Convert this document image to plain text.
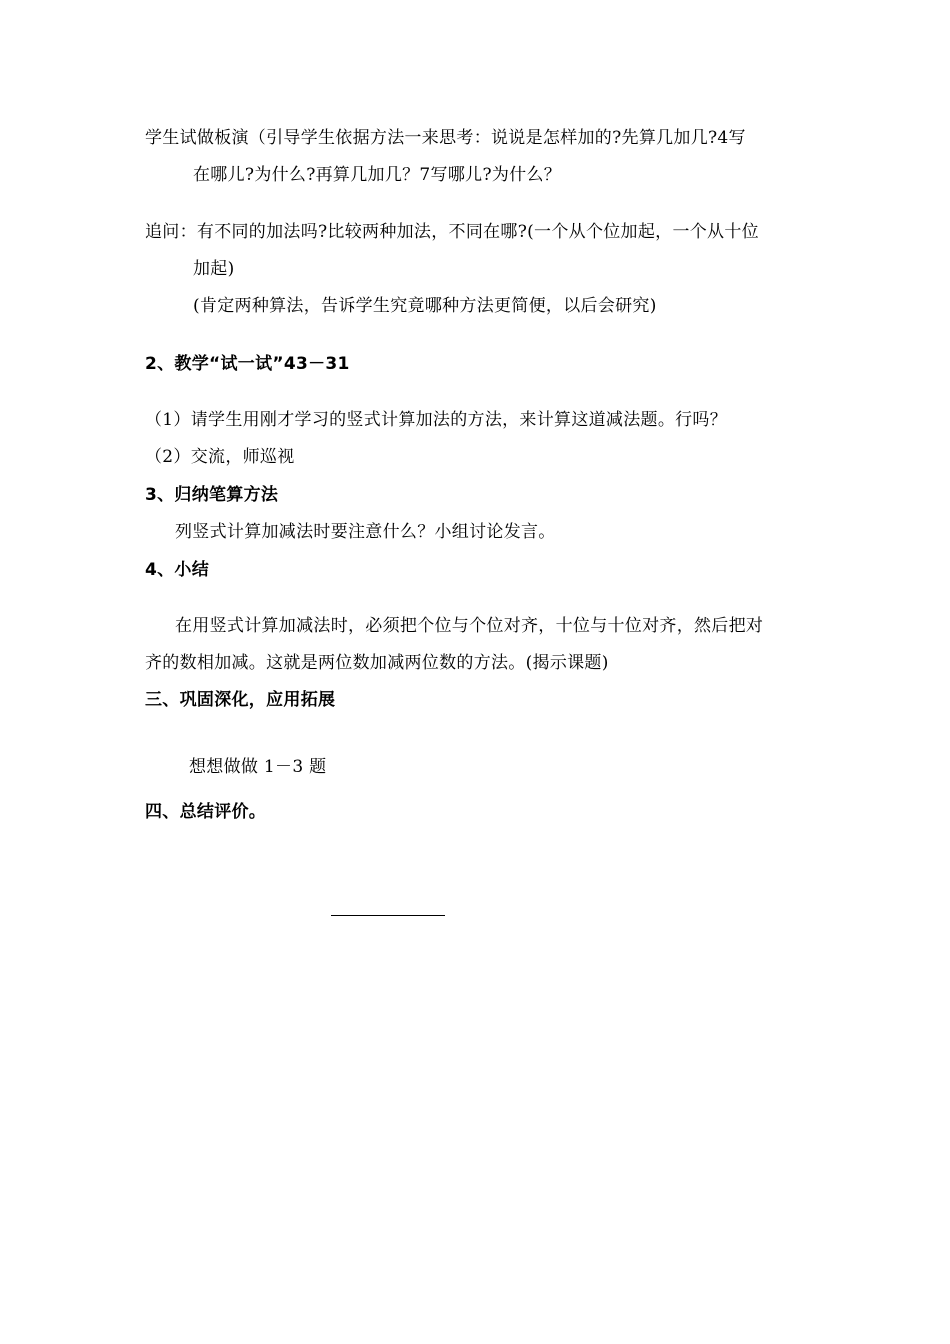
学生试做板演（引导学生依据方法一来思考：说说是怎样加的?先算几加几?4写
在哪儿?为什么?再算几加几？7写哪儿?为什么？
追问：有不同的加法吗?比较两种加法，不同在哪?(一个从个位加起，一个从十位
加起)
(肯定两种算法，告诉学生究竟哪种方法更简便，以后会研究)
2、教学“试一试”43－31
（1）请学生用刚才学习的竖式计算加法的方法，来计算这道减法题。行吗？
（2）交流，师巡视
3、归纳笔算方法
列竖式计算加减法时要注意什么？小组讨论发言。
4、小结
在用竖式计算加减法时，必须把个位与个位对齐，十位与十位对齐，然后把对
齐的数相加减。这就是两位数加减两位数的方法。(揭示课题)
三、巩固深化，应用拓展
想想做做 1－3 题
四、总结评价。
